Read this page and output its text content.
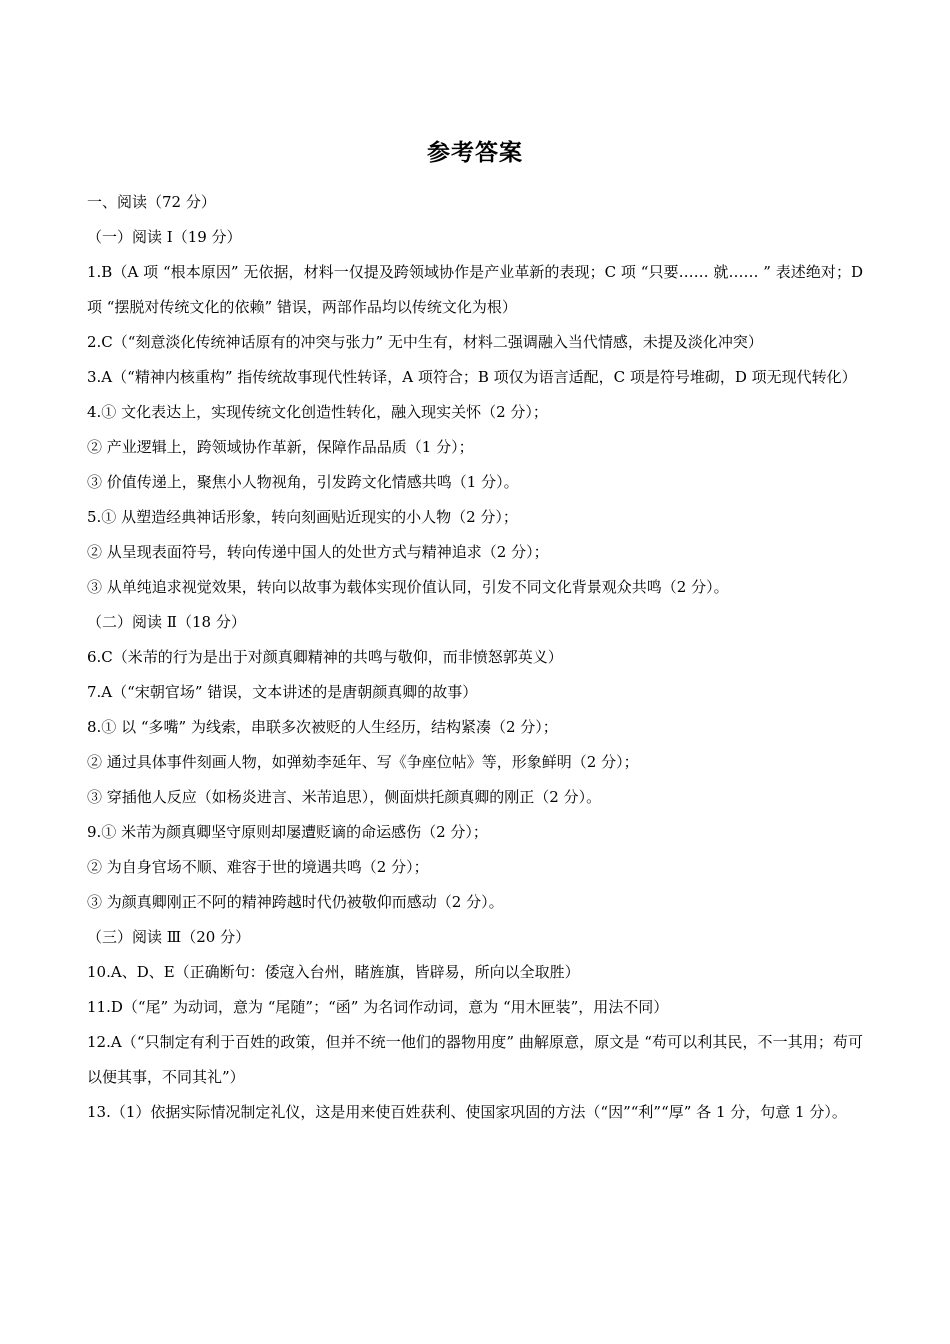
参考答案
一、阅读（72 分）
（一）阅读 Ⅰ（19 分）
1.B（A 项 “根本原因” 无依据，材料一仅提及跨领域协作是产业革新的表现；C 项 “只要…… 就…… ” 表述绝对；D 项 “摆脱对传统文化的依赖” 错误，两部作品均以传统文化为根）
2.C（“刻意淡化传统神话原有的冲突与张力” 无中生有，材料二强调融入当代情感，未提及淡化冲突）
3.A（“精神内核重构” 指传统故事现代性转译，A 项符合；B 项仅为语言适配，C 项是符号堆砌，D 项无现代转化）
4.① 文化表达上，实现传统文化创造性转化，融入现实关怀（2 分）；
② 产业逻辑上，跨领域协作革新，保障作品品质（1 分）；
③ 价值传递上，聚焦小人物视角，引发跨文化情感共鸣（1 分）。
5.① 从塑造经典神话形象，转向刻画贴近现实的小人物（2 分）；
② 从呈现表面符号，转向传递中国人的处世方式与精神追求（2 分）；
③ 从单纯追求视觉效果，转向以故事为载体实现价值认同，引发不同文化背景观众共鸣（2 分）。
（二）阅读 Ⅱ（18 分）
6.C（米芾的行为是出于对颜真卿精神的共鸣与敬仰，而非愤怒郭英义）
7.A（“宋朝官场” 错误，文本讲述的是唐朝颜真卿的故事）
8.① 以 “多嘴” 为线索，串联多次被贬的人生经历，结构紧凑（2 分）；
② 通过具体事件刻画人物，如弹劾李延年、写《争座位帖》等，形象鲜明（2 分）；
③ 穿插他人反应（如杨炎进言、米芾追思），侧面烘托颜真卿的刚正（2 分）。
9.① 米芾为颜真卿坚守原则却屡遭贬谪的命运感伤（2 分）；
② 为自身官场不顺、难容于世的境遇共鸣（2 分）；
③ 为颜真卿刚正不阿的精神跨越时代仍被敬仰而感动（2 分）。
（三）阅读 Ⅲ（20 分）
10.A、D、E（正确断句：倭寇入台州，睹旌旗，皆辟易，所向以全取胜）
11.D（“尾” 为动词，意为 “尾随”；“函” 为名词作动词，意为 “用木匣装”，用法不同）
12.A（“只制定有利于百姓的政策，但并不统一他们的器物用度” 曲解原意，原文是 “苟可以利其民，不一其用；苟可以便其事，不同其礼”）
13.（1）依据实际情况制定礼仪，这是用来使百姓获利、使国家巩固的方法（“因”“利”“厚” 各 1 分，句意 1 分）。
